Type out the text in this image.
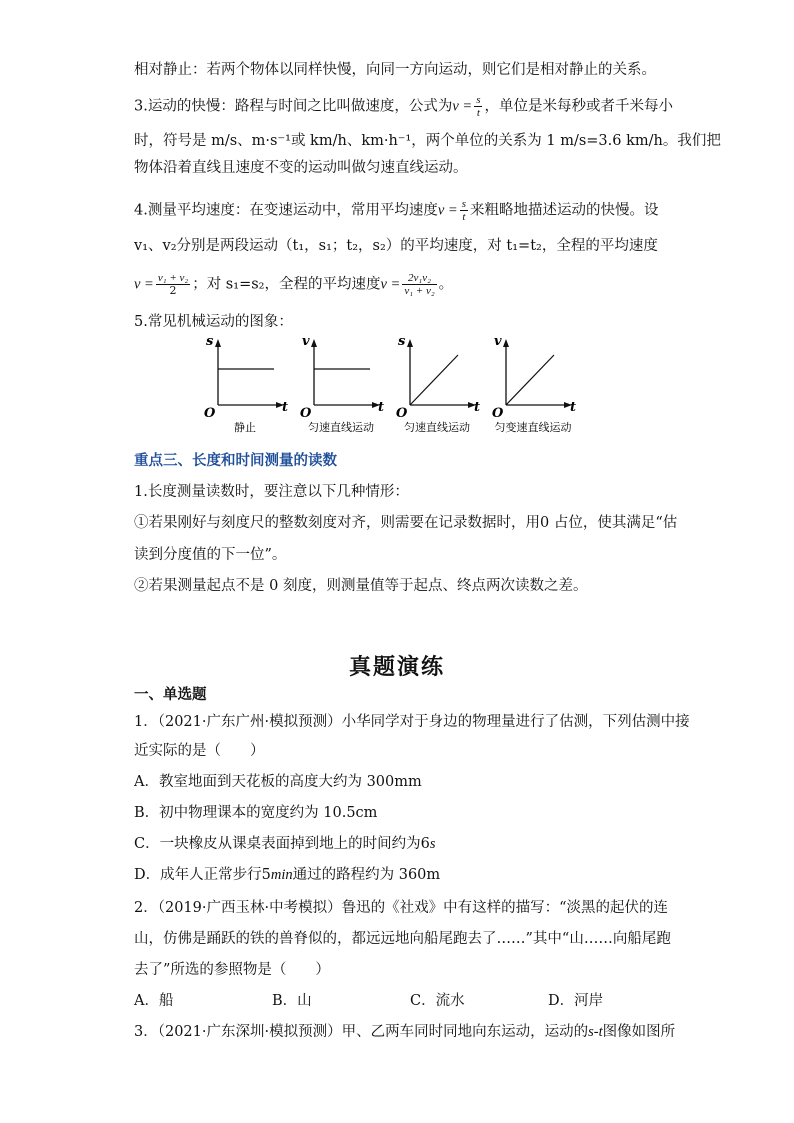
相对静止：若两个物体以同样快慢，向同一方向运动，则它们是相对静止的关系。
3.运动的快慢：路程与时间之比叫做速度，公式为$v = \frac{s}{t}$ ，单位是米每秒或者千米每小
时，符号是 m/s、m·s⁻¹或 km/h、km·h⁻¹，两个单位的关系为 1 m/s=3.6 km/h。我们把
物体沿着直线且速度不变的运动叫做匀速直线运动。
4.测量平均速度：在变速运动中，常用平均速度$v = \frac{s}{t}$ 来粗略地描述运动的快慢。设
v₁、v₂分别是两段运动（t₁，s₁；t₂，s₂）的平均速度，对 t₁=t₂，全程的平均速度
$v = \frac{\text{v₁ + v₂}}{2}$ ；对 s₁=s₂，全程的平均速度$v = \frac{\text{2v₁v₂}}{\text{v₁ + v₂}}$ 。
5.常见机械运动的图象：
s
t
O
静止
v
t
O
匀速直线运动
s
t
O
匀速直线运动
v
t
O
匀变速直线运动
重点三、长度和时间测量的读数
1.长度测量读数时，要注意以下几种情形：
①若果刚好与刻度尺的整数刻度对齐，则需要在记录数据时，用0 占位，使其满足“估
读到分度值的下一位”。
②若果测量起点不是 0 刻度，则测量值等于起点、终点两次读数之差。
真题演练
一、单选题
1．（2021·广东广州·模拟预测）小华同学对于身边的物理量进行了估测，下列估测中接
近实际的是（　　）
A．教室地面到天花板的高度大约为 300mm
B．初中物理课本的宽度约为 10.5cm
C．一块橡皮从课桌表面掉到地上的时间约为6s
D．成年人正常步行5min通过的路程约为 360m
2．（2019·广西玉林·中考模拟）鲁迅的《社戏》中有这样的描写：“淡黑的起伏的连
山，仿佛是踊跃的铁的兽脊似的，都远远地向船尾跑去了……”其中“山……向船尾跑
去了”所选的参照物是（　　）
A．船	B．山	C．流水	D．河岸
3．（2021·广东深圳·模拟预测）甲、乙两车同时同地向东运动，运动的s-t图像如图所
